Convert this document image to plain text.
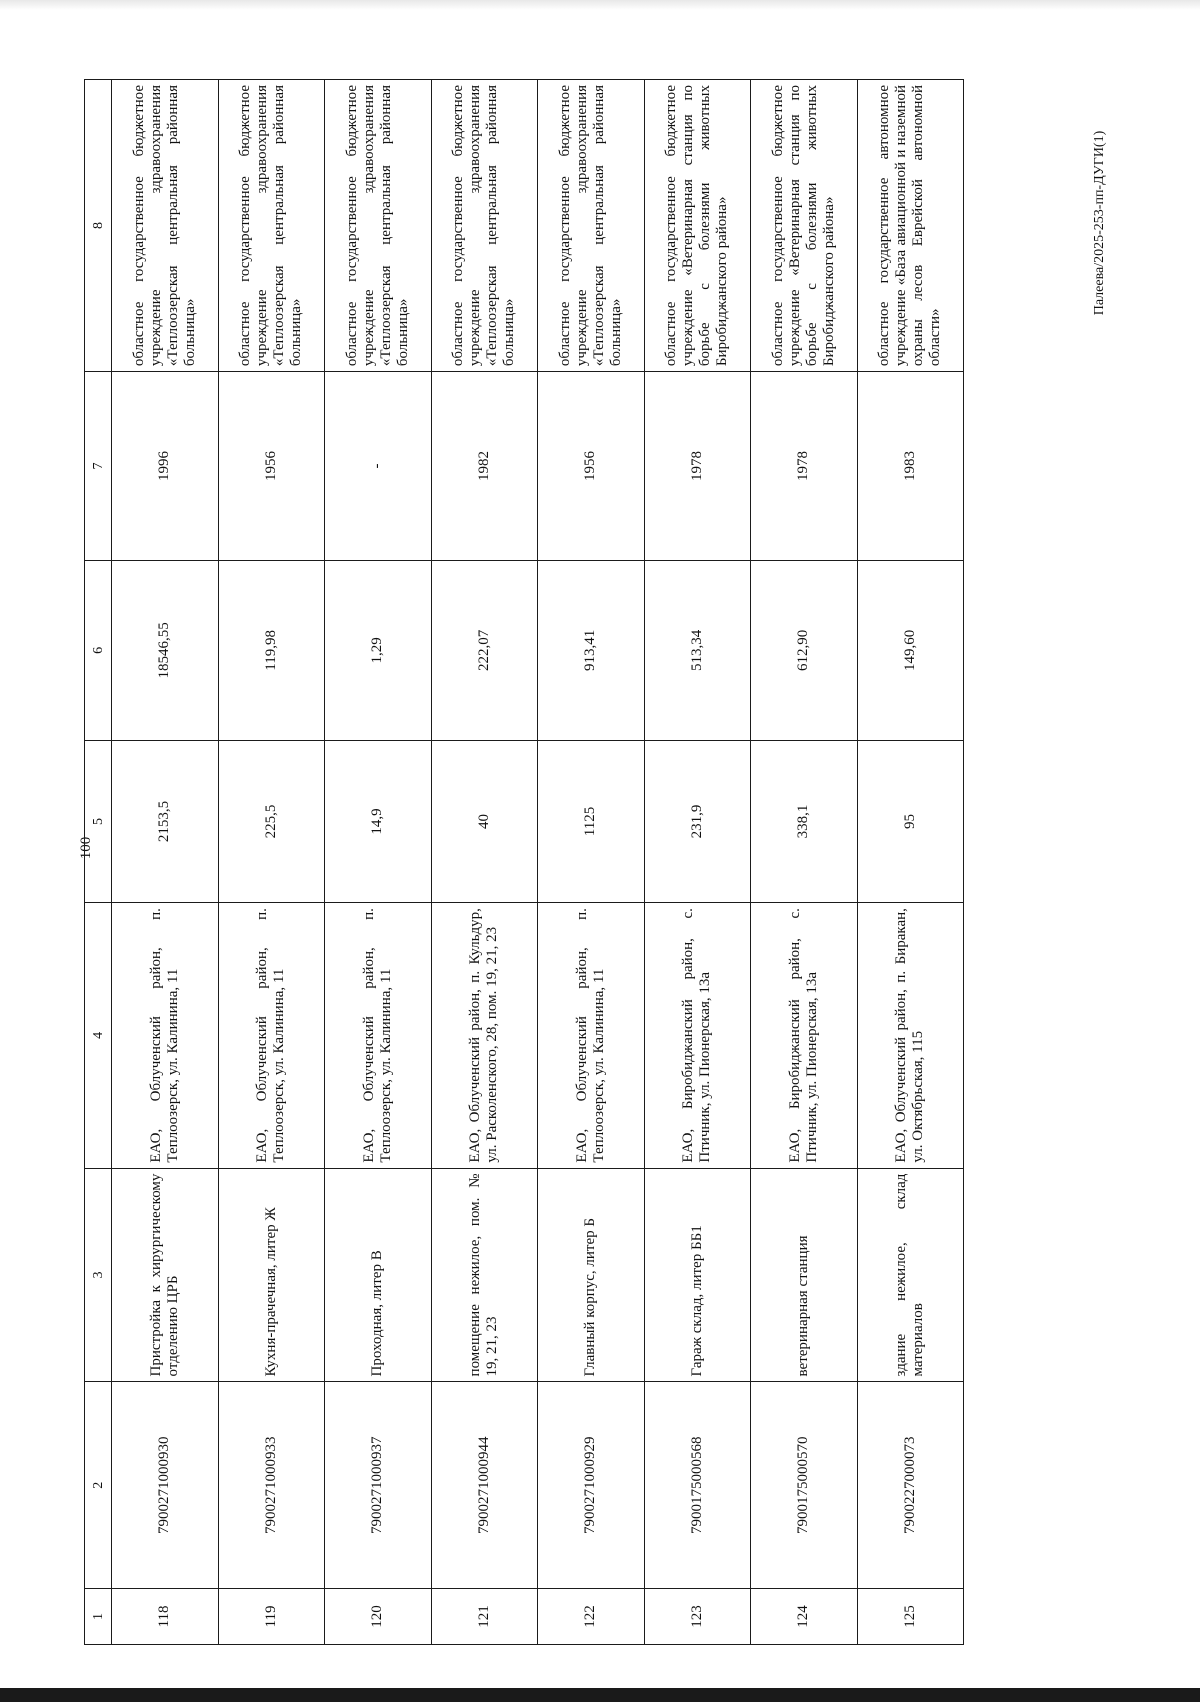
100
Палеева/2025-253-пп-ДУГИ(1)
1	2	3	4	5	6	7	8
118	7900271000930	Пристройка к хирургическому отделению ЦРБ	ЕАО, Облученский район, п. Теплоозерск, ул. Калинина, 11	2153,5	18546,55	1996	областное государственное бюджетное учреждение здравоохранения «Теплоозерская центральная районная больница»
119	7900271000933	Кухня-прачечная, литер Ж	ЕАО, Облученский район, п. Теплоозерск, ул. Калинина, 11	225,5	119,98	1956	областное государственное бюджетное учреждение здравоохранения «Теплоозерская центральная районная больница»
120	7900271000937	Проходная, литер В	ЕАО, Облученский район, п. Теплоозерск, ул. Калинина, 11	14,9	1,29	-	областное государственное бюджетное учреждение здравоохранения «Теплоозерская центральная районная больница»
121	7900271000944	помещение нежилое, пом. № 19, 21, 23	ЕАО, Облученский район, п. Кульдур, ул. Расколенского, 28, пом. 19, 21, 23	40	222,07	1982	областное государственное бюджетное учреждение здравоохранения «Теплоозерская центральная районная больница»
122	7900271000929	Главный корпус, литер Б	ЕАО, Облученский район, п. Теплоозерск, ул. Калинина, 11	1125	913,41	1956	областное государственное бюджетное учреждение здравоохранения «Теплоозерская центральная районная больница»
123	7900175000568	Гараж склад, литер ББ1	ЕАО, Биробиджанский район, с. Птичник, ул. Пионерская, 13а	231,9	513,34	1978	областное государственное бюджетное учреждение «Ветеринарная станция по борьбе с болезнями животных Биробиджанского района»
124	7900175000570	ветеринарная станция	ЕАО, Биробиджанский район, с. Птичник, ул. Пионерская, 13а	338,1	612,90	1978	областное государственное бюджетное учреждение «Ветеринарная станция по борьбе с болезнями животных Биробиджанского района»
125	7900227000073	здание нежилое, склад материалов	ЕАО, Облученский район, п. Биракан, ул. Октябрьская, 115	95	149,60	1983	областное государственное автономное учреждение «База авиационной и наземной охраны лесов Еврейской автономной области»
